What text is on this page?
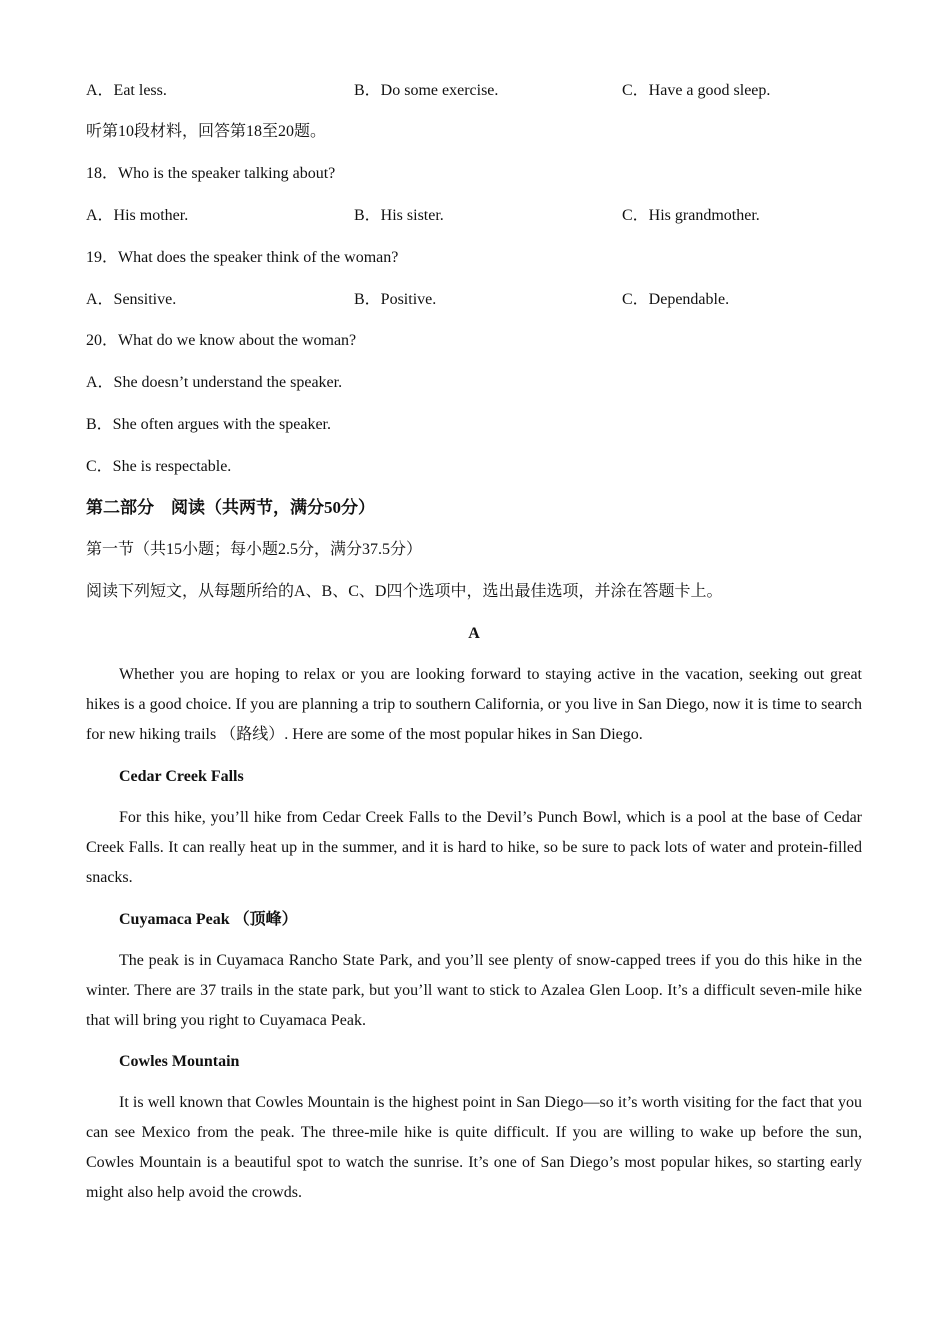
A．Eat less.	B．Do some exercise.	C．Have a good sleep.
听第10段材料，回答第18至20题。
18．Who is the speaker talking about?
A．His mother.	B．His sister.	C．His grandmother.
19．What does the speaker think of the woman?
A．Sensitive.	B．Positive.	C．Dependable.
20．What do we know about the woman?
A．She doesn’t understand the speaker.
B．She often argues with the speaker.
C．She is respectable.
第二部分　阅读（共两节，满分50分）
第一节（共15小题；每小题2.5分，满分37.5分）
阅读下列短文，从每题所给的A、B、C、D四个选项中，选出最佳选项，并涂在答题卡上。
A
Whether you are hoping to relax or you are looking forward to staying active in the vacation, seeking out great hikes is a good choice. If you are planning a trip to southern California, or you live in San Diego, now it is time to search for new hiking trails （路线）. Here are some of the most popular hikes in San Diego.
Cedar Creek Falls
For this hike, you’ll hike from Cedar Creek Falls to the Devil’s Punch Bowl, which is a pool at the base of Cedar Creek Falls. It can really heat up in the summer, and it is hard to hike, so be sure to pack lots of water and protein-filled snacks.
Cuyamaca Peak （顶峰）
The peak is in Cuyamaca Rancho State Park, and you’ll see plenty of snow-capped trees if you do this hike in the winter. There are 37 trails in the state park, but you’ll want to stick to Azalea Glen Loop. It’s a difficult seven-mile hike that will bring you right to Cuyamaca Peak.
Cowles Mountain
It is well known that Cowles Mountain is the highest point in San Diego—so it’s worth visiting for the fact that you can see Mexico from the peak. The three-mile hike is quite difficult. If you are willing to wake up before the sun, Cowles Mountain is a beautiful spot to watch the sunrise. It’s one of San Diego’s most popular hikes, so starting early might also help avoid the crowds.
